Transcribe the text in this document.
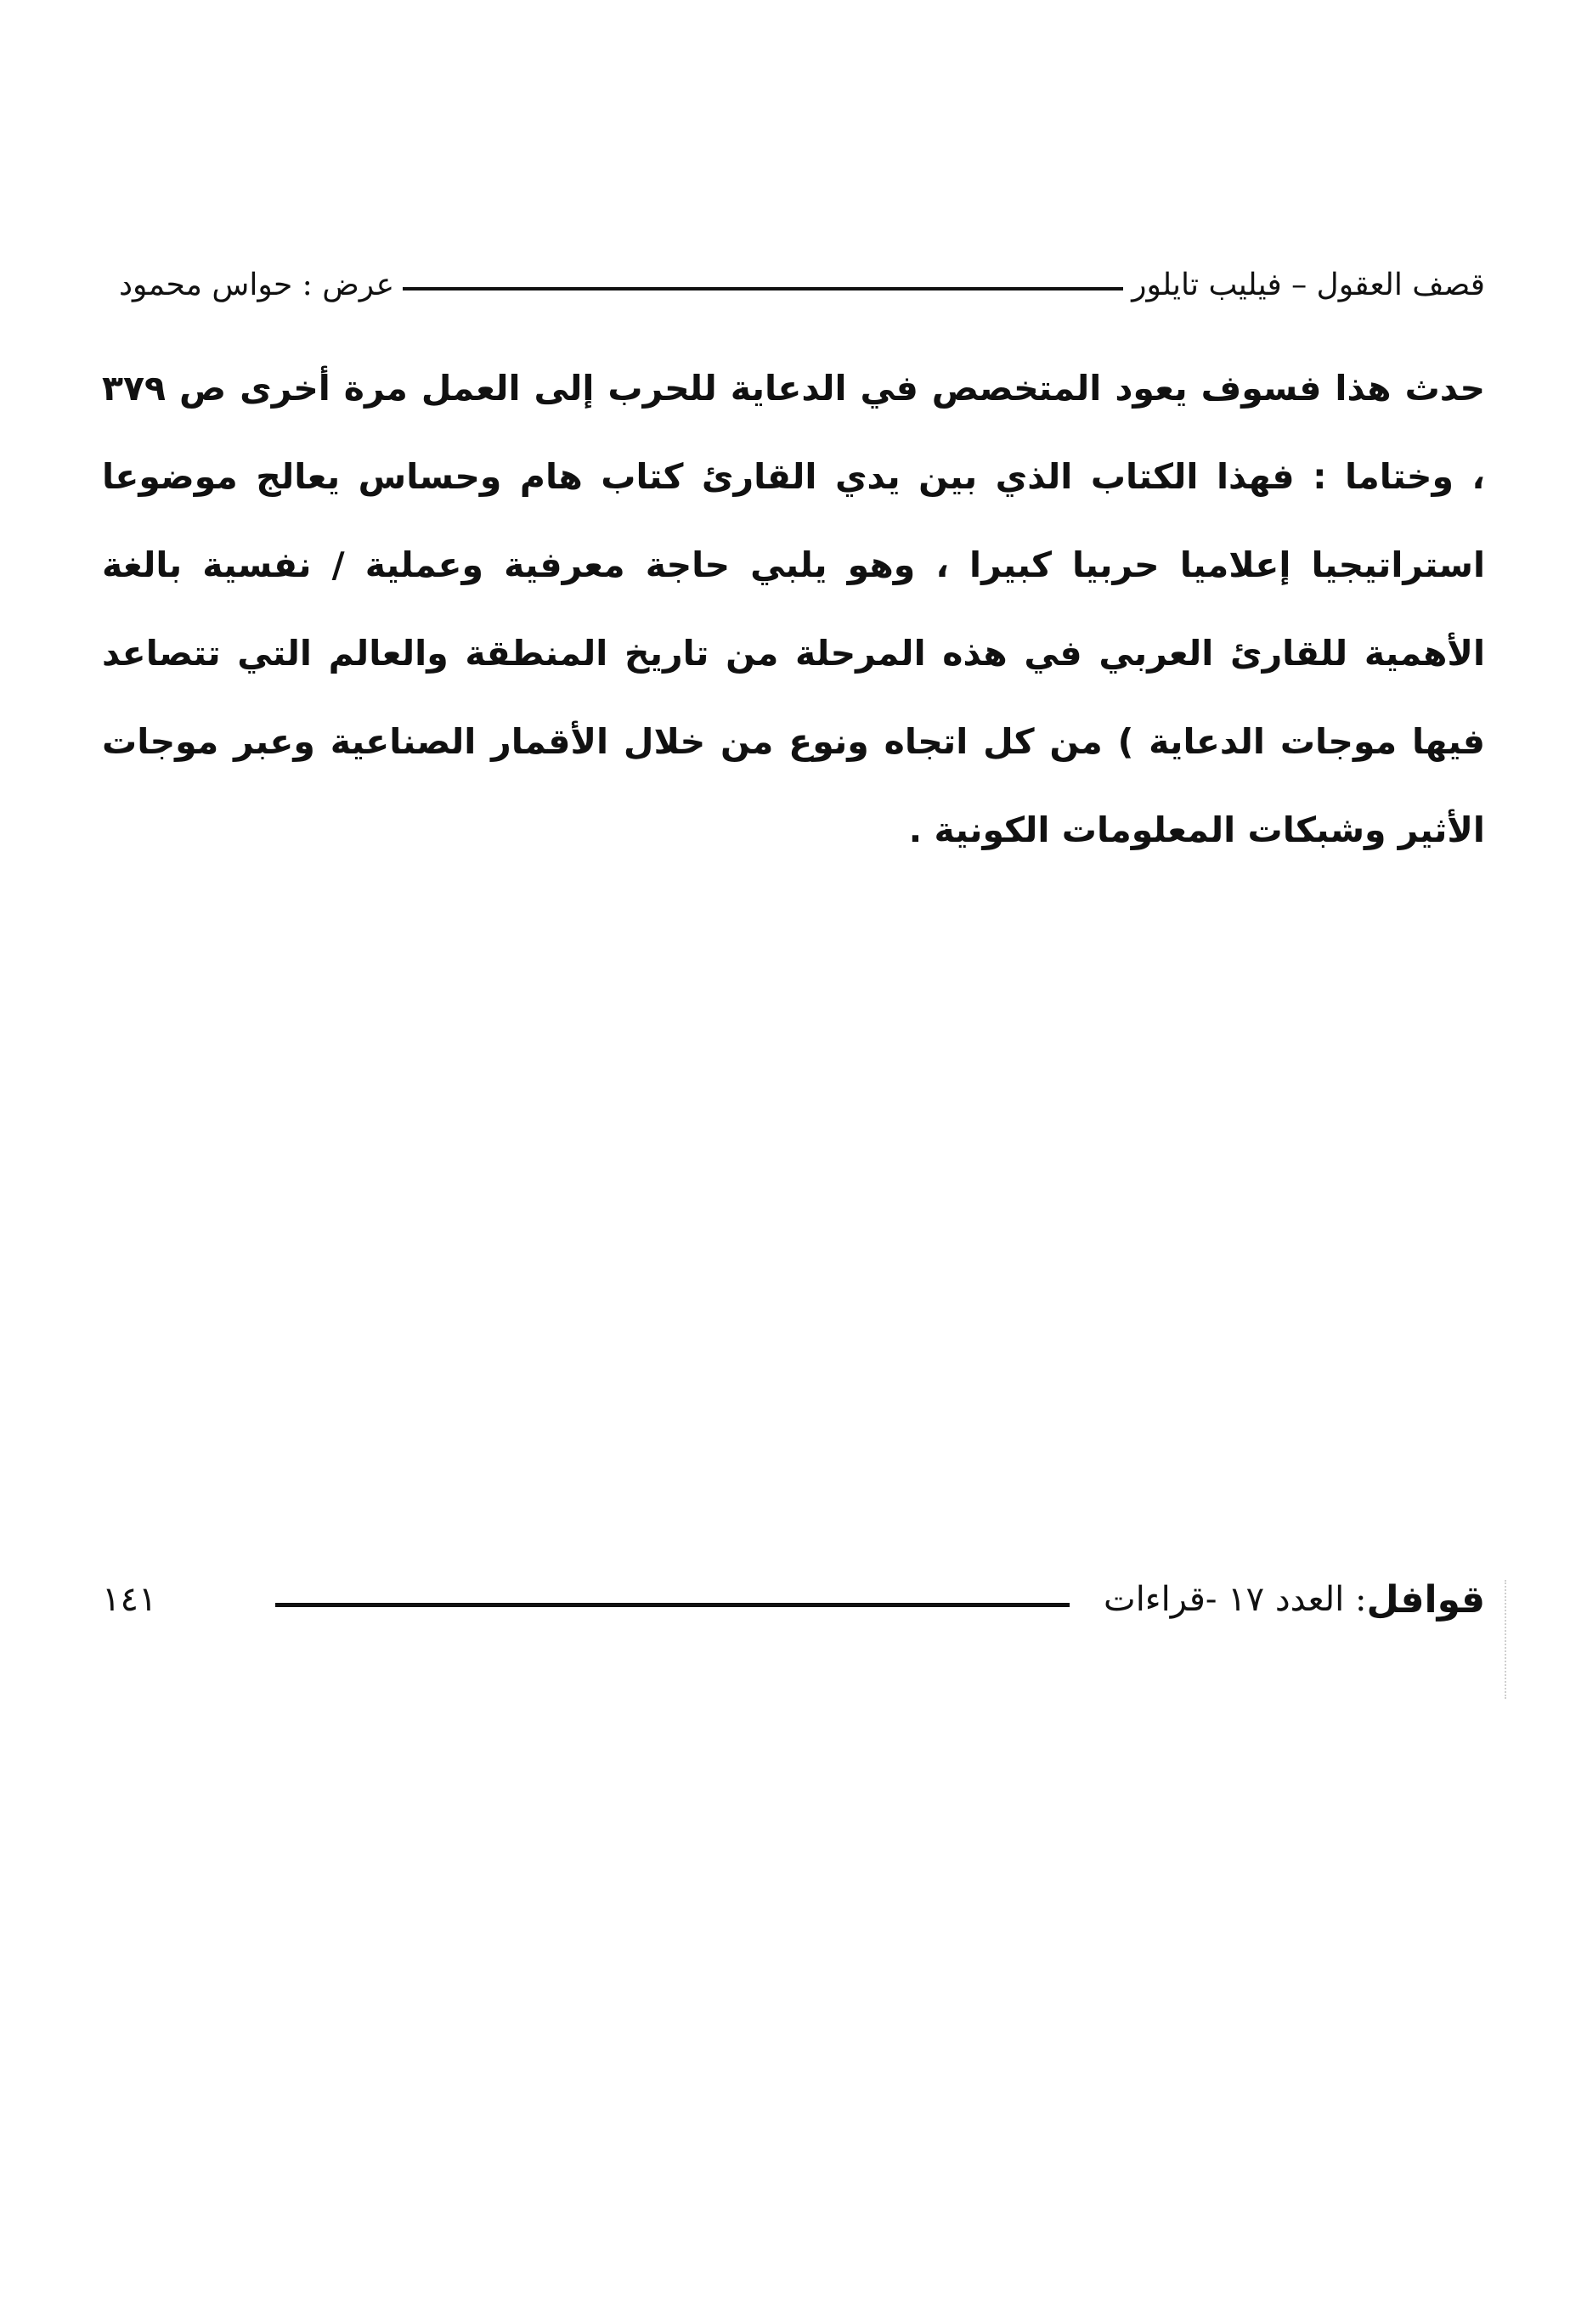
قصف العقول – فيليب تايلور
عرض : حواس محمود

حدث هذا فسوف يعود المتخصص في الدعاية للحرب إلى العمل مرة أخرى ص ٣٧٩ ، وختاما : فهذا الكتاب الذي بين يدي القارئ كتاب هام وحساس يعالج موضوعا استراتيجيا إعلاميا حربيا كبيرا ، وهو يلبي حاجة معرفية وعملية / نفسية بالغة الأهمية للقارئ العربي في هذه المرحلة من تاريخ المنطقة والعالم التي تتصاعد فيها موجات الدعاية ) من كل اتجاه ونوع من خلال الأقمار الصناعية وعبر موجات الأثير وشبكات المعلومات الكونية .

قوافل
: العدد ١٧ -قراءات
١٤١
